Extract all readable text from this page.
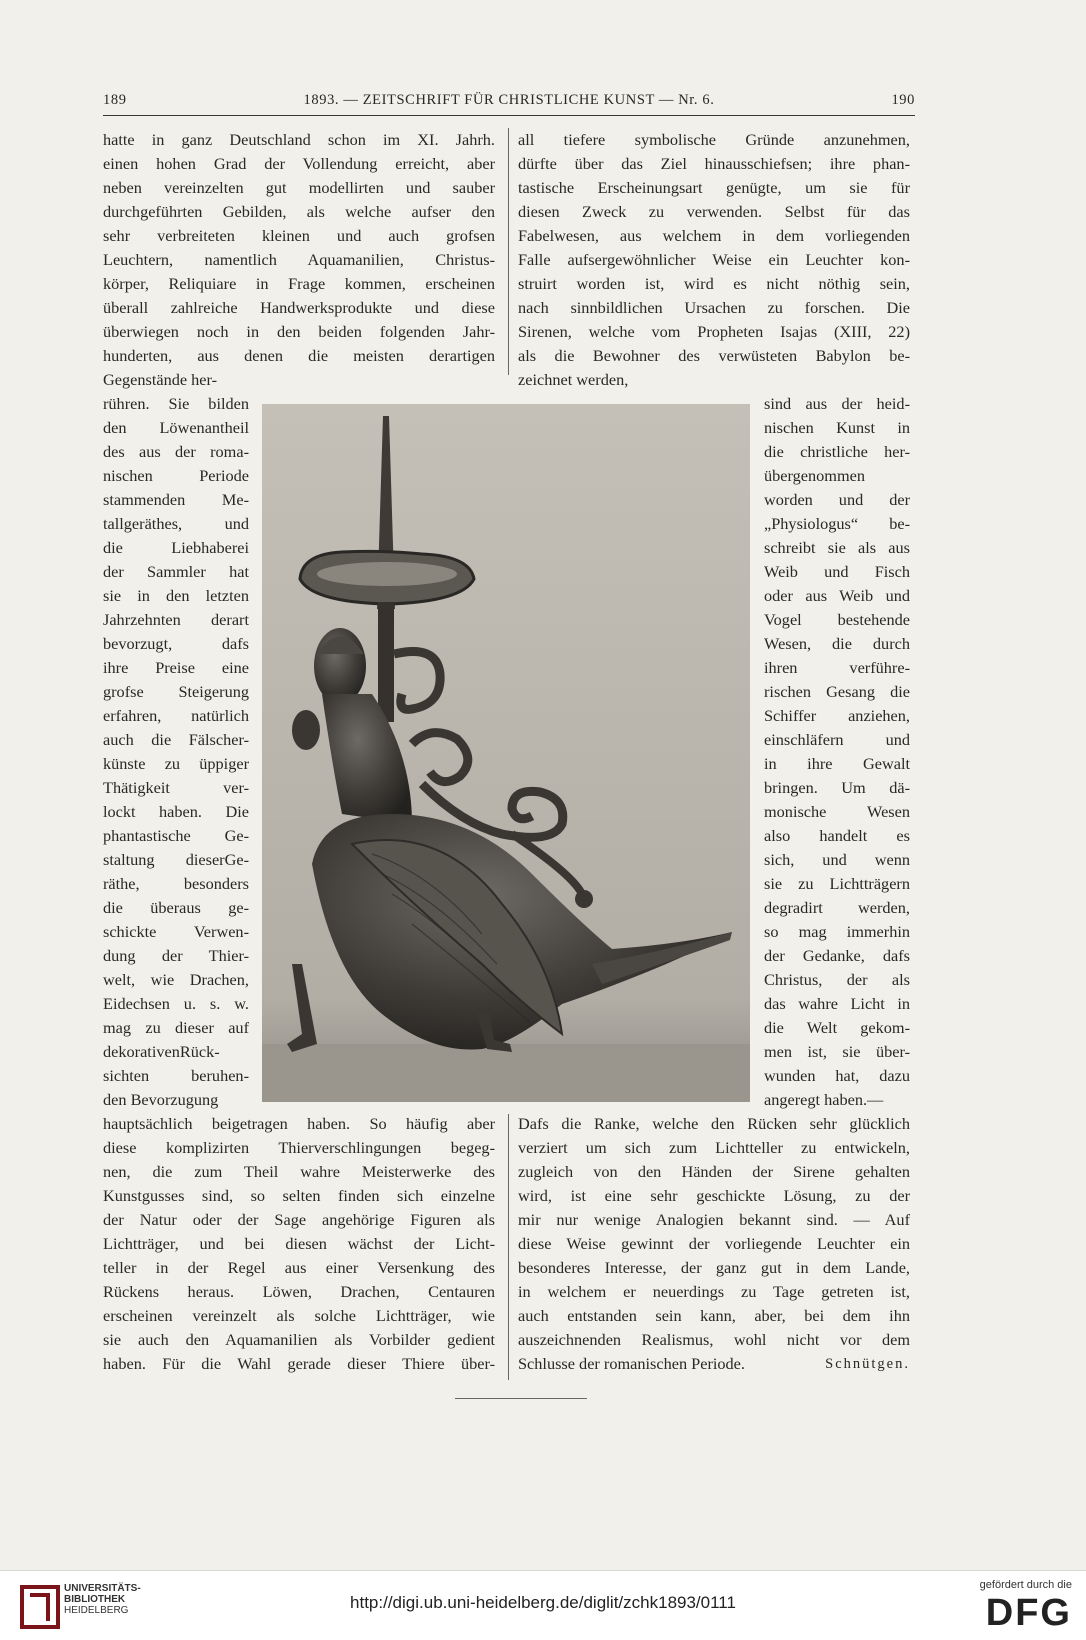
189	1893. — ZEITSCHRIFT FÜR CHRISTLICHE KUNST — Nr. 6.	190
hatte in ganz Deutschland schon im XI. Jahrh.
einen hohen Grad der Vollendung erreicht, aber
neben vereinzelten gut modellirten und sauber
durchgeführten Gebilden, als welche aufser den
sehr verbreiteten kleinen und auch grofsen
Leuchtern, namentlich Aquamanilien, Christus-
körper, Reliquiare in Frage kommen, erscheinen
überall zahlreiche Handwerksprodukte und diese
überwiegen noch in den beiden folgenden Jahr-
hunderten, aus denen die meisten derartigen
Gegenstände her-
rühren. Sie bilden
den Löwenantheil
des aus der roma-
nischen Periode
stammenden Me-
tallgeräthes, und
die Liebhaberei
der Sammler hat
sie in den letzten
Jahrzehnten derart
bevorzugt, dafs
ihre Preise eine
grofse Steigerung
erfahren, natürlich
auch die Fälscher-
künste zu üppiger
Thätigkeit ver-
lockt haben. Die
phantastische Ge-
staltung dieserGe-
räthe, besonders
die überaus ge-
schickte Verwen-
dung der Thier-
welt, wie Drachen,
Eidechsen u. s. w.
mag zu dieser auf
dekorativenRück-
sichten beruhen-
den Bevorzugung
hauptsächlich beigetragen haben. So häufig aber
diese komplizirten Thierverschlingungen begeg-
nen, die zum Theil wahre Meisterwerke des
Kunstgusses sind, so selten finden sich einzelne
der Natur oder der Sage angehörige Figuren als
Lichtträger, und bei diesen wächst der Licht-
teller in der Regel aus einer Versenkung des
Rückens heraus. Löwen, Drachen, Centauren
erscheinen vereinzelt als solche Lichtträger, wie
sie auch den Aquamanilien als Vorbilder gedient
haben. Für die Wahl gerade dieser Thiere über-
all tiefere symbolische Gründe anzunehmen,
dürfte über das Ziel hinausschiefsen; ihre phan-
tastische Erscheinungsart genügte, um sie für
diesen Zweck zu verwenden. Selbst für das
Fabelwesen, aus welchem in dem vorliegenden
Falle aufsergewöhnlicher Weise ein Leuchter kon-
struirt worden ist, wird es nicht nöthig sein,
nach sinnbildlichen Ursachen zu forschen. Die
Sirenen, welche vom Propheten Isajas (XIII, 22)
als die Bewohner des verwüsteten Babylon be-
zeichnet werden,
sind aus der heid-
nischen Kunst in
die christliche her-
übergenommen
worden und der
„Physiologus“ be-
schreibt sie als aus
Weib und Fisch
oder aus Weib und
Vogel bestehende
Wesen, die durch
ihren verführe-
rischen Gesang die
Schiffer anziehen,
einschläfern und
in ihre Gewalt
bringen. Um dä-
monische Wesen
also handelt es
sich, und wenn
sie zu Lichtträgern
degradirt werden,
so mag immerhin
der Gedanke, dafs
Christus, der als
das wahre Licht in
die Welt gekom-
men ist, sie über-
wunden hat, dazu
angeregt haben.—
Dafs die Ranke, welche den Rücken sehr glücklich
verziert um sich zum Lichtteller zu entwickeln,
zugleich von den Händen der Sirene gehalten
wird, ist eine sehr geschickte Lösung, zu der
mir nur wenige Analogien bekannt sind. — Auf
diese Weise gewinnt der vorliegende Leuchter ein
besonderes Interesse, der ganz gut in dem Lande,
in welchem er neuerdings zu Tage getreten ist,
auch entstanden sein kann, aber, bei dem ihn
auszeichnenden Realismus, wohl nicht vor dem
Schlusse der romanischen Periode.	Schnütgen.
UNIVERSITÄTS-
BIBLIOTHEK
HEIDELBERG	http://digi.ub.uni-heidelberg.de/diglit/zchk1893/0111
gefördert durch die
DFG
